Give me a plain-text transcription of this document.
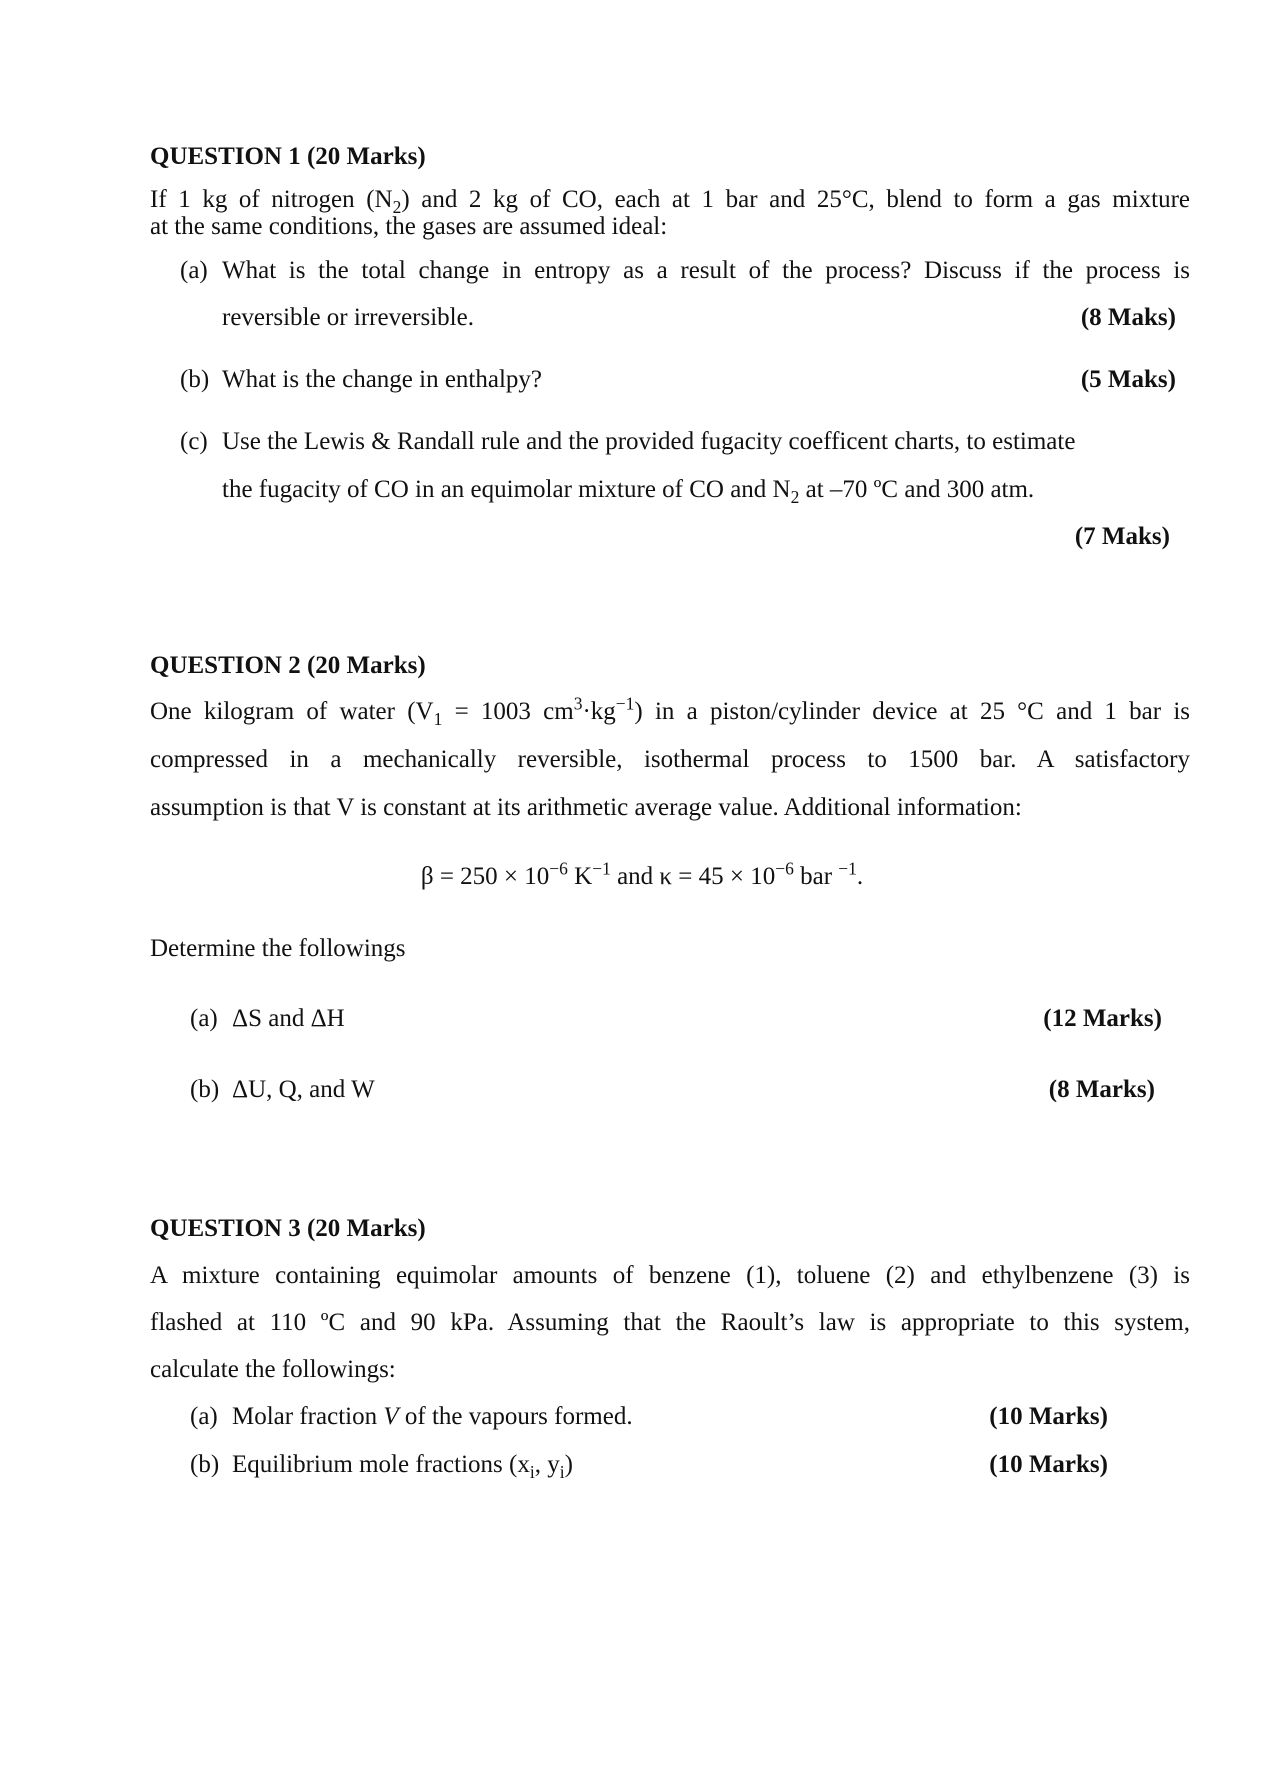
QUESTION 1 (20 Marks)
If 1 kg of nitrogen $(N_2)$ and 2 kg of CO, each at 1 bar and 25°C, blend to form a gas mixture
at the same conditions, the gases are assumed ideal:
(a) What is the total change in entropy as a result of the process? Discuss if the process is
reversible or irreversible.	(8 Maks)
(b) What is the change in enthalpy?	(5 Maks)
(c) Use the Lewis & Randall rule and the provided fugacity coefficent charts, to estimate
the fugacity of CO in an equimolar mixture of CO and $N_2$ at –70 ºC and 300 atm.
(7 Maks)
QUESTION 2 (20 Marks)
One kilogram of water ($V_1 = 1003$ $cm^3\cdot kg^{-1}$) in a piston/cylinder device at 25 °C and 1 bar is
compressed in a mechanically reversible, isothermal process to 1500 bar. A satisfactory
assumption is that V is constant at its arithmetic average value. Additional information:
$\beta = 250 \times 10^{-6}$ $K^{-1}$ and $\kappa = 45 \times 10^{-6}$ bar $^{-1}$.
Determine the followings
(a) ΔS and ΔH	(12 Marks)
(b) ΔU, Q, and W	(8 Marks)
QUESTION 3 (20 Marks)
A mixture containing equimolar amounts of benzene (1), toluene (2) and ethylbenzene (3) is
flashed at 110 ºC and 90 kPa. Assuming that the Raoult’s law is appropriate to this system,
calculate the followings:
(a) Molar fraction V of the vapours formed.	(10 Marks)
(b) Equilibrium mole fractions ($x_i$, $y_i$)	(10 Marks)
